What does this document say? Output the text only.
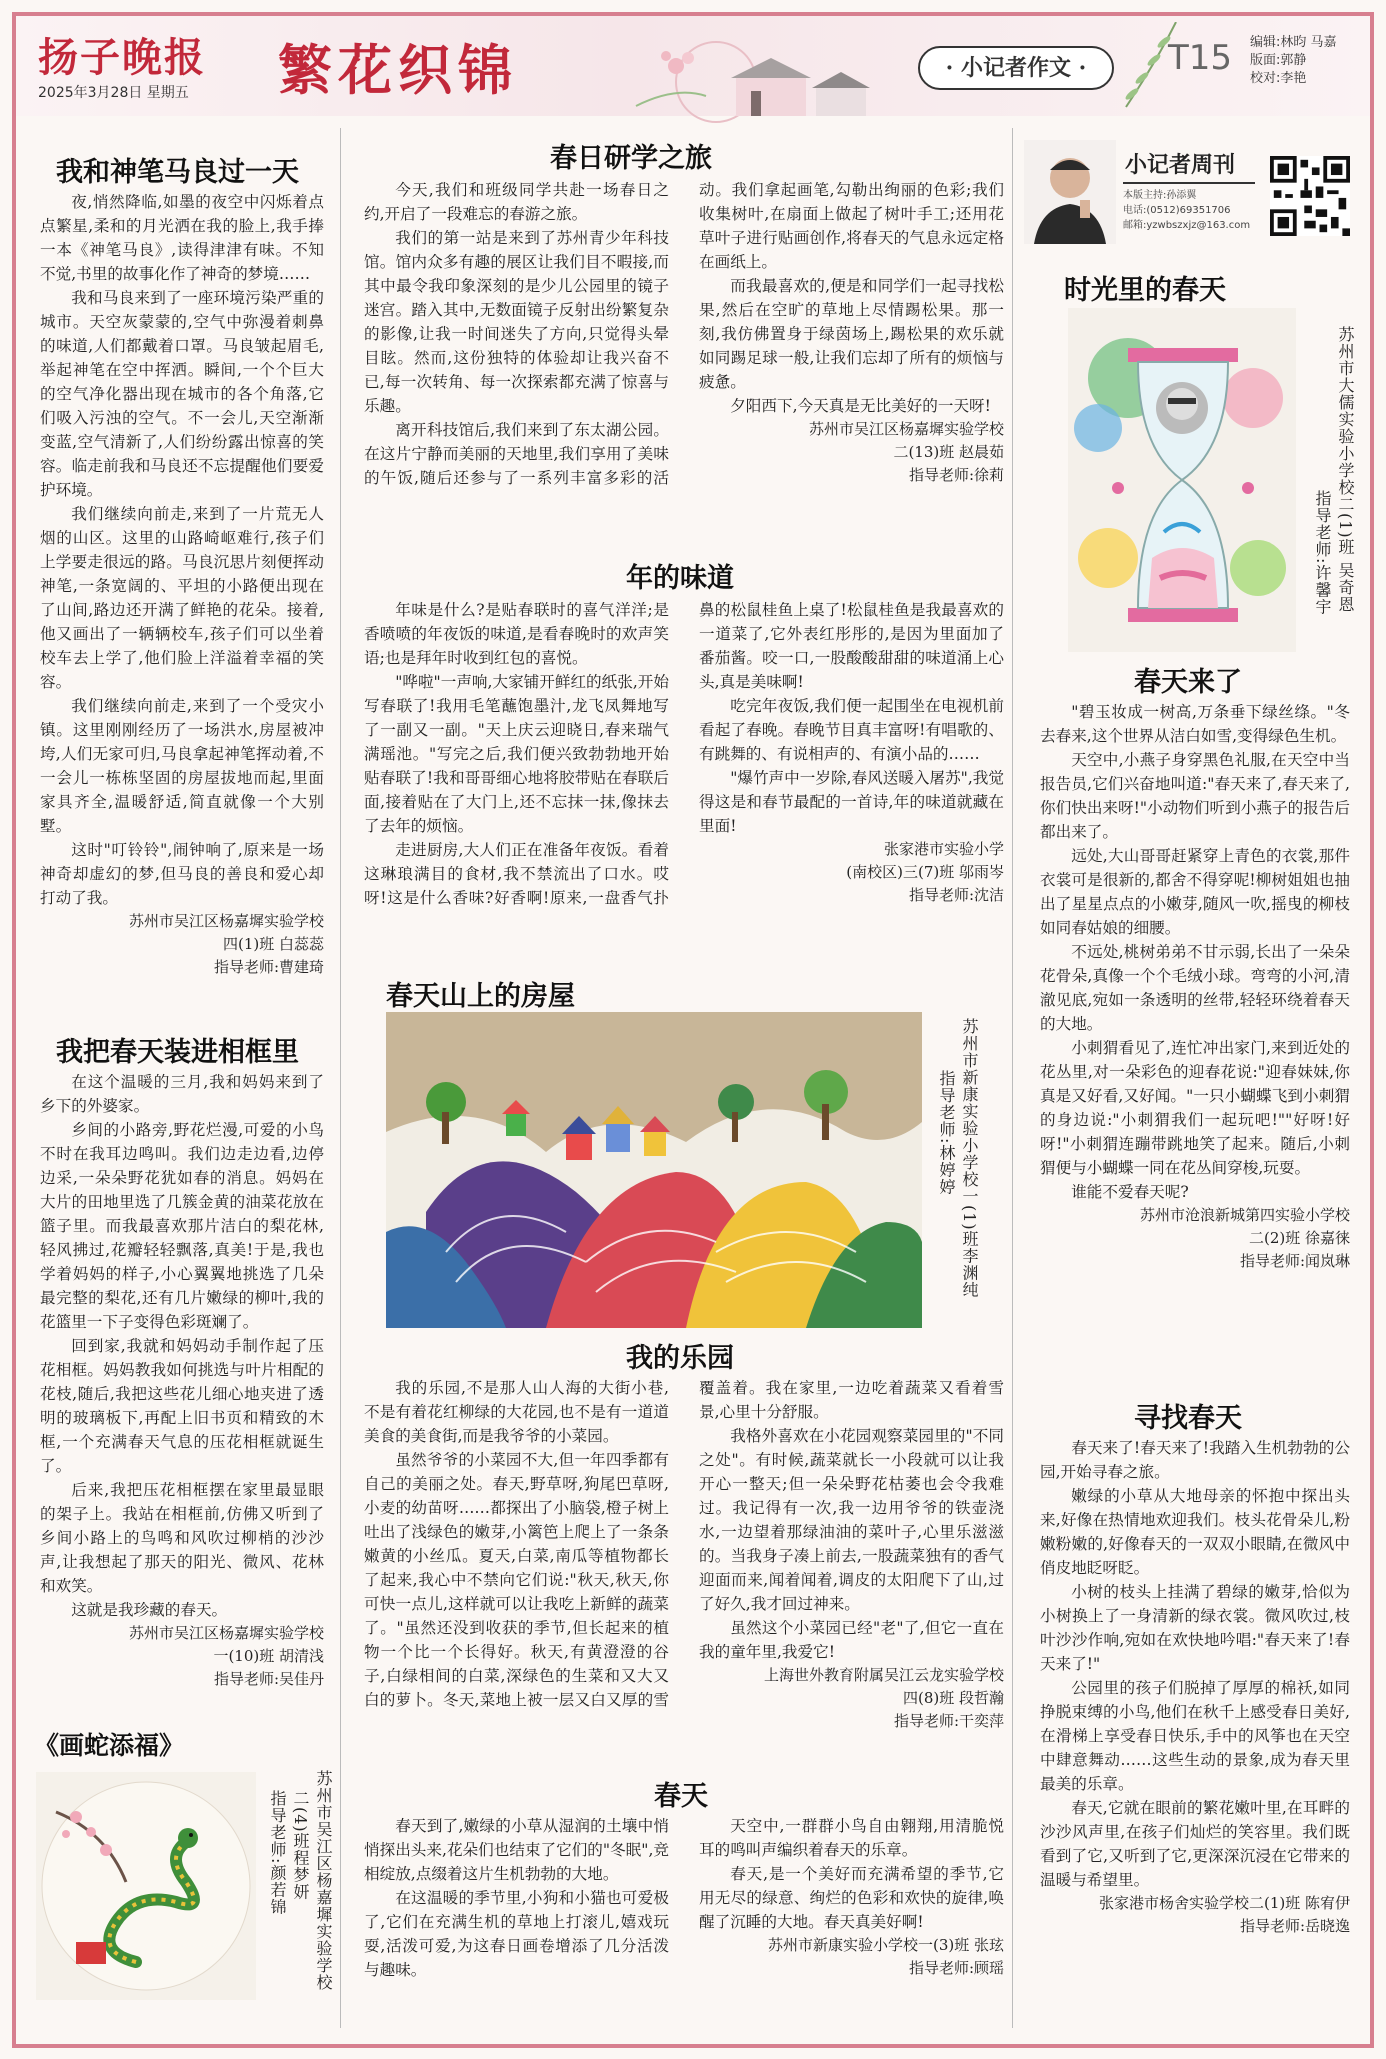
扬子晚报
2025年3月28日 星期五 繁花织锦	· 小记者作文 ·	T15 编辑:林昀 马嘉
版面:郭静
校对:李艳
我和神笔马良过一天

夜,悄然降临,如墨的夜空中闪烁着点点繁星,柔和的月光洒在我的脸上,我手捧一本《神笔马良》,读得津津有味。不知不觉,书里的故事化作了神奇的梦境……

我和马良来到了一座环境污染严重的城市。天空灰蒙蒙的,空气中弥漫着刺鼻的味道,人们都戴着口罩。马良皱起眉毛,举起神笔在空中挥洒。瞬间,一个个巨大的空气净化器出现在城市的各个角落,它们吸入污浊的空气。不一会儿,天空渐渐变蓝,空气清新了,人们纷纷露出惊喜的笑容。临走前我和马良还不忘提醒他们要爱护环境。

我们继续向前走,来到了一片荒无人烟的山区。这里的山路崎岖难行,孩子们上学要走很远的路。马良沉思片刻便挥动神笔,一条宽阔的、平坦的小路便出现在了山间,路边还开满了鲜艳的花朵。接着,他又画出了一辆辆校车,孩子们可以坐着校车去上学了,他们脸上洋溢着幸福的笑容。

我们继续向前走,来到了一个受灾小镇。这里刚刚经历了一场洪水,房屋被冲垮,人们无家可归,马良拿起神笔挥动着,不一会儿一栋栋坚固的房屋拔地而起,里面家具齐全,温暖舒适,简直就像一个大别墅。

这时"叮铃铃",闹钟响了,原来是一场神奇却虚幻的梦,但马良的善良和爱心却打动了我。

苏州市吴江区杨嘉墀实验学校

四(1)班 白蕊蕊

指导老师:曹建琦

我把春天装进相框里

在这个温暖的三月,我和妈妈来到了乡下的外婆家。

乡间的小路旁,野花烂漫,可爱的小鸟不时在我耳边鸣叫。我们边走边看,边停边采,一朵朵野花犹如春的消息。妈妈在大片的田地里选了几簇金黄的油菜花放在篮子里。而我最喜欢那片洁白的梨花林,轻风拂过,花瓣轻轻飘落,真美!于是,我也学着妈妈的样子,小心翼翼地挑选了几朵最完整的梨花,还有几片嫩绿的柳叶,我的花篮里一下子变得色彩斑斓了。

回到家,我就和妈妈动手制作起了压花相框。妈妈教我如何挑选与叶片相配的花枝,随后,我把这些花儿细心地夹进了透明的玻璃板下,再配上旧书页和精致的木框,一个充满春天气息的压花相框就诞生了。

后来,我把压花相框摆在家里最显眼的架子上。我站在相框前,仿佛又听到了乡间小路上的鸟鸣和风吹过柳梢的沙沙声,让我想起了那天的阳光、微风、花林和欢笑。

这就是我珍藏的春天。

苏州市吴江区杨嘉墀实验学校

一(10)班 胡清浅

指导老师:吴佳丹

《画蛇添福》
苏州市吴江区杨嘉墀实验学校
二(4)班程梦妍
指导老师:颜若锦
春日研学之旅

今天,我们和班级同学共赴一场春日之约,开启了一段难忘的春游之旅。

我们的第一站是来到了苏州青少年科技馆。馆内众多有趣的展区让我们目不暇接,而其中最令我印象深刻的是少儿公园里的镜子迷宫。踏入其中,无数面镜子反射出纷繁复杂的影像,让我一时间迷失了方向,只觉得头晕目眩。然而,这份独特的体验却让我兴奋不已,每一次转角、每一次探索都充满了惊喜与乐趣。

离开科技馆后,我们来到了东太湖公园。在这片宁静而美丽的天地里,我们享用了美味的午饭,随后还参与了一系列丰富多彩的活动。我们拿起画笔,勾勒出绚丽的色彩;我们收集树叶,在扇面上做起了树叶手工;还用花草叶子进行贴画创作,将春天的气息永远定格在画纸上。

而我最喜欢的,便是和同学们一起寻找松果,然后在空旷的草地上尽情踢松果。那一刻,我仿佛置身于绿茵场上,踢松果的欢乐就如同踢足球一般,让我们忘却了所有的烦恼与疲惫。

夕阳西下,今天真是无比美好的一天呀!

苏州市吴江区杨嘉墀实验学校

二(13)班 赵晨茹

指导老师:徐莉

年的味道

年味是什么?是贴春联时的喜气洋洋;是香喷喷的年夜饭的味道,是看春晚时的欢声笑语;也是拜年时收到红包的喜悦。

"哗啦"一声响,大家铺开鲜红的纸张,开始写春联了!我用毛笔蘸饱墨汁,龙飞凤舞地写了一副又一副。"天上庆云迎晓日,春来瑞气满瑶池。"写完之后,我们便兴致勃勃地开始贴春联了!我和哥哥细心地将胶带贴在春联后面,接着贴在了大门上,还不忘抹一抹,像抹去了去年的烦恼。

走进厨房,大人们正在准备年夜饭。看着这琳琅满目的食材,我不禁流出了口水。哎呀!这是什么香味?好香啊!原来,一盘香气扑鼻的松鼠桂鱼上桌了!松鼠桂鱼是我最喜欢的一道菜了,它外表红彤彤的,是因为里面加了番茄酱。咬一口,一股酸酸甜甜的味道涌上心头,真是美味啊!

吃完年夜饭,我们便一起围坐在电视机前看起了春晚。春晚节目真丰富呀!有唱歌的、有跳舞的、有说相声的、有演小品的……

"爆竹声中一岁除,春风送暖入屠苏",我觉得这是和春节最配的一首诗,年的味道就藏在里面!

张家港市实验小学

(南校区)三(7)班 邬雨岑

指导老师:沈洁

春天山上的房屋
苏州市新康实验小学校一(1)班李渊纯
指导老师:林婷婷
我的乐园

我的乐园,不是那人山人海的大街小巷,不是有着花红柳绿的大花园,也不是有一道道美食的美食街,而是我爷爷的小菜园。

虽然爷爷的小菜园不大,但一年四季都有自己的美丽之处。春天,野草呀,狗尾巴草呀,小麦的幼苗呀……都探出了小脑袋,橙子树上吐出了浅绿色的嫩芽,小篱笆上爬上了一条条嫩黄的小丝瓜。夏天,白菜,南瓜等植物都长了起来,我心中不禁向它们说:"秋天,秋天,你可快一点儿,这样就可以让我吃上新鲜的蔬菜了。"虽然还没到收获的季节,但长起来的植物一个比一个长得好。秋天,有黄澄澄的谷子,白绿相间的白菜,深绿色的生菜和又大又白的萝卜。冬天,菜地上被一层又白又厚的雪覆盖着。我在家里,一边吃着蔬菜又看着雪景,心里十分舒服。

我格外喜欢在小花园观察菜园里的"不同之处"。有时候,蔬菜就长一小段就可以让我开心一整天;但一朵朵野花枯萎也会令我难过。我记得有一次,我一边用爷爷的铁壶浇水,一边望着那绿油油的菜叶子,心里乐滋滋的。当我身子凑上前去,一股蔬菜独有的香气迎面而来,闻着闻着,调皮的太阳爬下了山,过了好久,我才回过神来。

虽然这个小菜园已经"老"了,但它一直在我的童年里,我爱它!

上海世外教育附属吴江云龙实验学校

四(8)班 段哲瀚

指导老师:干奕萍

春天

春天到了,嫩绿的小草从湿润的土壤中悄悄探出头来,花朵们也结束了它们的"冬眠",竞相绽放,点缀着这片生机勃勃的大地。

在这温暖的季节里,小狗和小猫也可爱极了,它们在充满生机的草地上打滚儿,嬉戏玩耍,活泼可爱,为这春日画卷增添了几分活泼与趣味。

天空中,一群群小鸟自由翱翔,用清脆悦耳的鸣叫声编织着春天的乐章。

春天,是一个美好而充满希望的季节,它用无尽的绿意、绚烂的色彩和欢快的旋律,唤醒了沉睡的大地。春天真美好啊!

苏州市新康实验小学校一(3)班 张玹

指导老师:顾瑶

小记者周刊
本版主持:孙添翼
电话:(0512)69351706
邮箱:yzwbszxjz@163.com
时光里的春天
苏州市大儒实验小学校二(1)班 吴奇恩
指导老师:许馨宇
春天来了

"碧玉妆成一树高,万条垂下绿丝绦。"冬去春来,这个世界从洁白如雪,变得绿色生机。

天空中,小燕子身穿黑色礼服,在天空中当报告员,它们兴奋地叫道:"春天来了,春天来了,你们快出来呀!"小动物们听到小燕子的报告后都出来了。

远处,大山哥哥赶紧穿上青色的衣裳,那件衣裳可是很新的,都舍不得穿呢!柳树姐姐也抽出了星星点点的小嫩芽,随风一吹,摇曳的柳枝如同春姑娘的细腰。

不远处,桃树弟弟不甘示弱,长出了一朵朵花骨朵,真像一个个毛绒小球。弯弯的小河,清澈见底,宛如一条透明的丝带,轻轻环绕着春天的大地。

小刺猬看见了,连忙冲出家门,来到近处的花丛里,对一朵彩色的迎春花说:"迎春妹妹,你真是又好看,又好闻。"一只小蝴蝶飞到小刺猬的身边说:"小刺猬我们一起玩吧!""好呀!好呀!"小刺猬连蹦带跳地笑了起来。随后,小刺猬便与小蝴蝶一同在花丛间穿梭,玩耍。

谁能不爱春天呢?

苏州市沧浪新城第四实验小学校

二(2)班 徐嘉徕

指导老师:闻岚琳

寻找春天

春天来了!春天来了!我踏入生机勃勃的公园,开始寻春之旅。

嫩绿的小草从大地母亲的怀抱中探出头来,好像在热情地欢迎我们。枝头花骨朵儿,粉嫩粉嫩的,好像春天的一双双小眼睛,在微风中俏皮地眨呀眨。

小树的枝头上挂满了碧绿的嫩芽,恰似为小树换上了一身清新的绿衣裳。微风吹过,枝叶沙沙作响,宛如在欢快地吟唱:"春天来了!春天来了!"

公园里的孩子们脱掉了厚厚的棉袄,如同挣脱束缚的小鸟,他们在秋千上感受春日美好,在滑梯上享受春日快乐,手中的风筝也在天空中肆意舞动……这些生动的景象,成为春天里最美的乐章。

春天,它就在眼前的繁花嫩叶里,在耳畔的沙沙风声里,在孩子们灿烂的笑容里。我们既看到了它,又听到了它,更深深沉浸在它带来的温暖与希望里。

张家港市杨舍实验学校二(1)班 陈宥伊

指导老师:岳晓逸
